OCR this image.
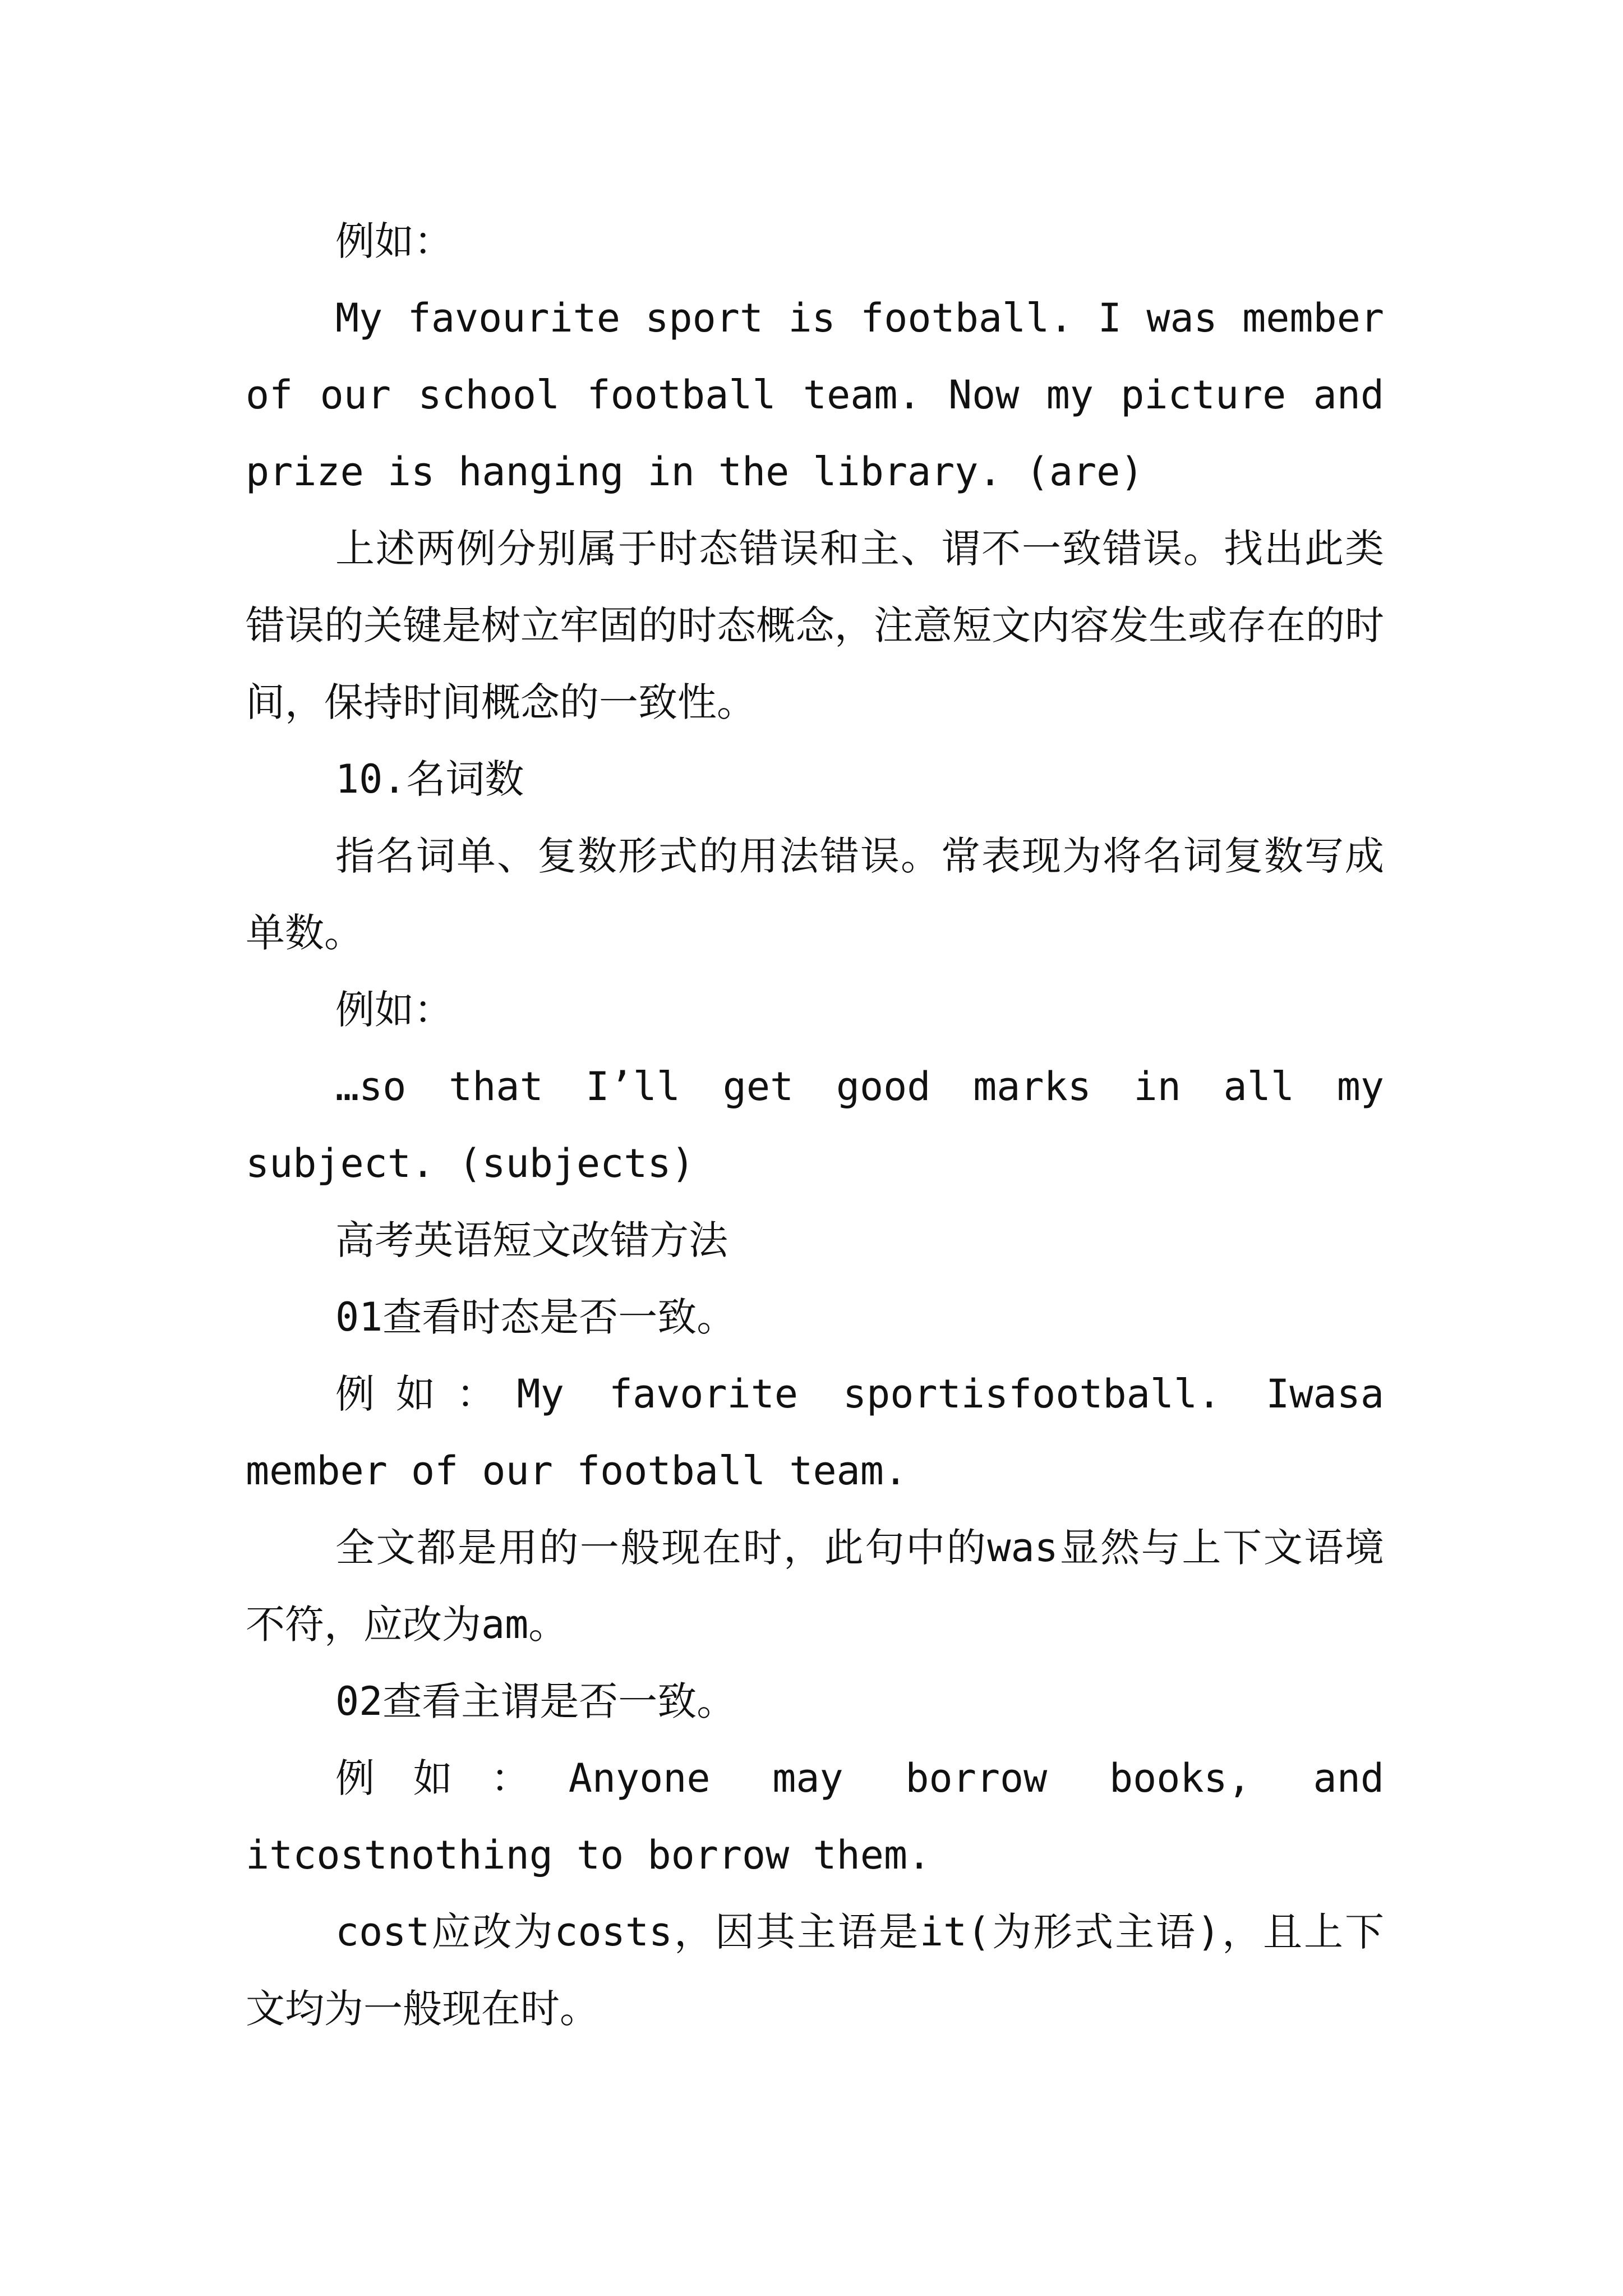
例如：

My favourite sport is football. I was member of our school football team. Now my picture and prize is hanging in the library. (are)

上述两例分别属于时态错误和主、谓不一致错误。找出此类错误的关键是树立牢固的时态概念，注意短文内容发生或存在的时间，保持时间概念的一致性。

10.名词数

指名词单、复数形式的用法错误。常表现为将名词复数写成单数。

例如：

…so that I’ll get good marks in all my subject. (subjects)

高考英语短文改错方法

01查看时态是否一致。

例如：My favorite sportisfootball. Iwasa member of our football team.

全文都是用的一般现在时，此句中的was显然与上下文语境不符，应改为am。

02查看主谓是否一致。

例如：Anyone may borrow books, and itcostnothing to borrow them.

cost应改为costs，因其主语是it(为形式主语)，且上下文均为一般现在时。
